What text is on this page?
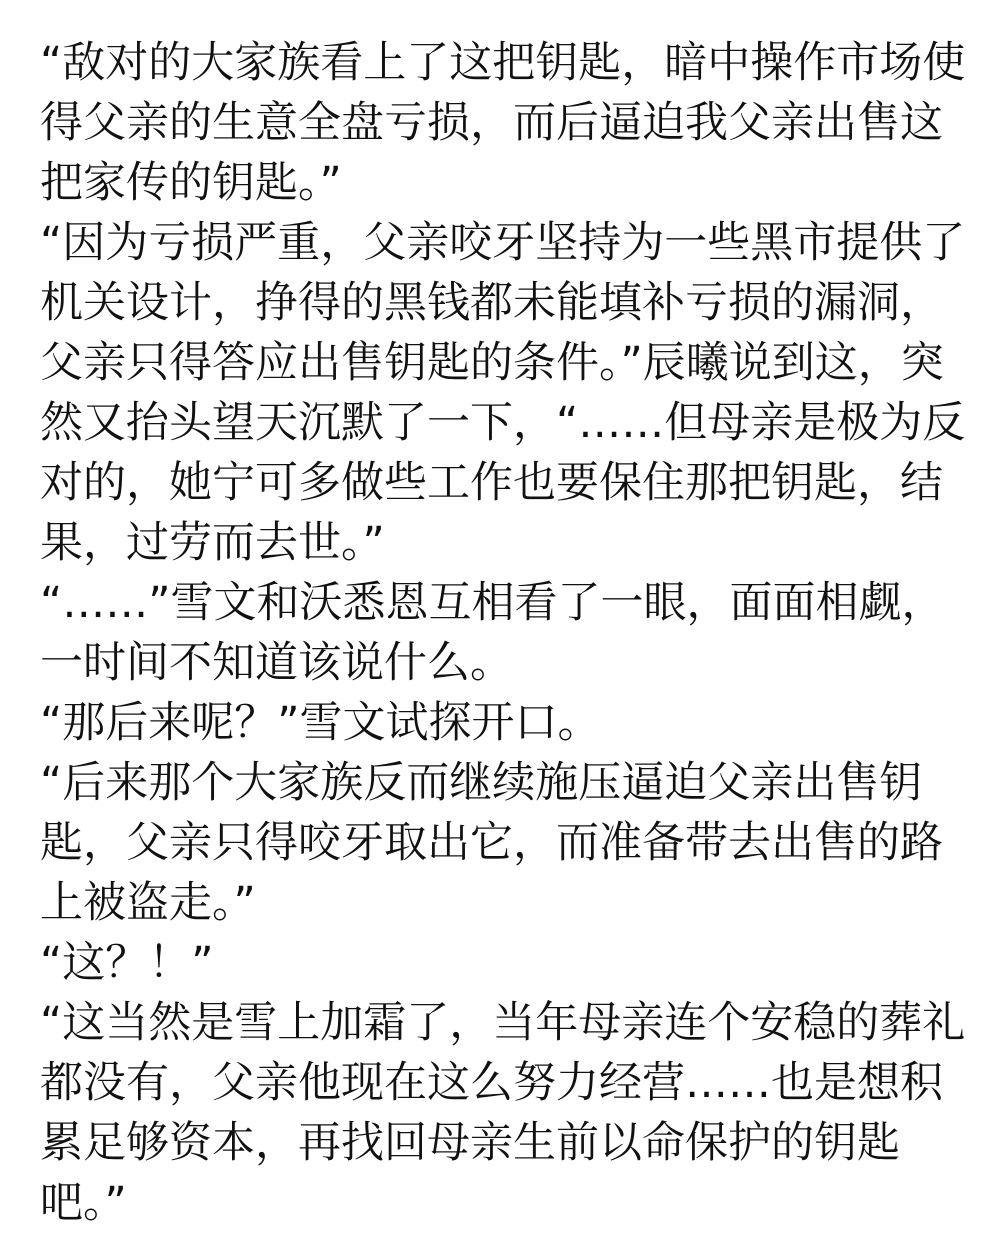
“敌对的大家族看上了这把钥匙，暗中操作市场使得父亲的生意全盘亏损，而后逼迫我父亲出售这把家传的钥匙。”

“因为亏损严重，父亲咬牙坚持为一些黑市提供了机关设计，挣得的黑钱都未能填补亏损的漏洞，父亲只得答应出售钥匙的条件。”辰曦说到这，突然又抬头望天沉默了一下，“……但母亲是极为反对的，她宁可多做些工作也要保住那把钥匙，结果，过劳而去世。”

“……”雪文和沃悉恩互相看了一眼，面面相觑，一时间不知道该说什么。

“那后来呢？”雪文试探开口。

“后来那个大家族反而继续施压逼迫父亲出售钥匙，父亲只得咬牙取出它，而准备带去出售的路上被盗走。”

“这？！”

“这当然是雪上加霜了，当年母亲连个安稳的葬礼都没有，父亲他现在这么努力经营……也是想积累足够资本，再找回母亲生前以命保护的钥匙吧。”
